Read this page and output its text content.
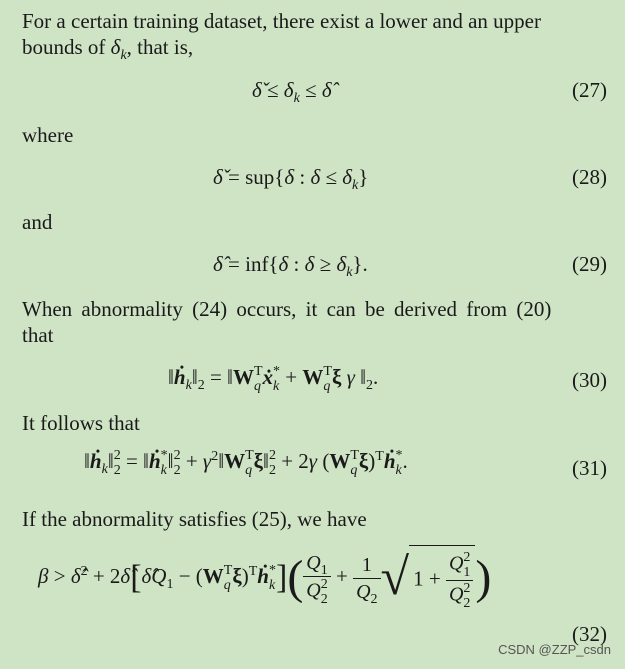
For a certain training dataset, there exist a lower and an upper
bounds of $\delta_k$, that is,
δ̌ ≤ $\delta_k$ ≤ δ̂	(27)
where
δ̌ = sup{δ : $\delta \le \delta_k$}	(28)
and
δ̂ = inf{δ : $\delta \ge \delta_k$}.	(29)
When abnormality (24) occurs, it can be derived from (20)
that
$‖ḣ_k‖_2$ = ‖WT
qẋ*
k + WT
qξ γ $‖_2$.	(30)
It follows that
‖ḣ$_k$‖2
2 = ‖ḣ*
k‖2
$2 + \gamma^2‖WT$
qξ‖2
2 + 2γ (WT
qξ)$^T$ḣ*
k.	(31)
If the abnormality satisfies (25), we have
β > δ̂$^2$ + $2\deltâ[\deltâQ_1 - (WT$
qξ)$^T$ḣ*
k]( $Q_1$
Q2
2
+ $\frac{1}{Q_2}$ √ 1 +
Q2
1
Q2
2 )
(32)
CSDN @ZZP_csdn
